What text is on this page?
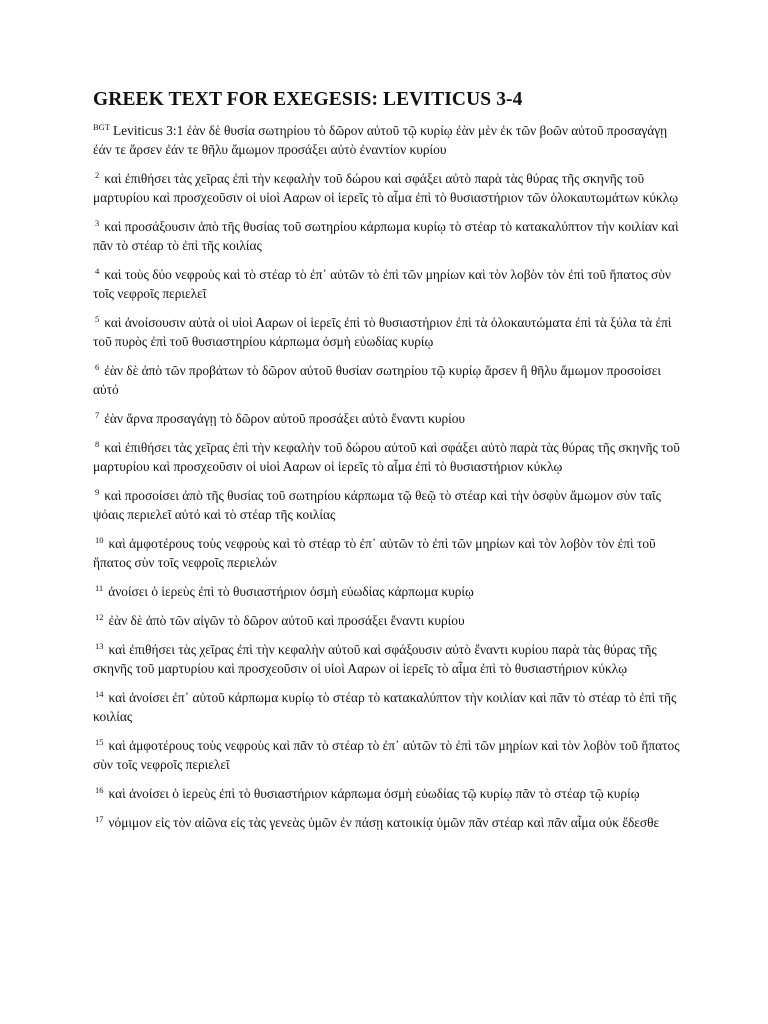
GREEK TEXT FOR EXEGESIS: LEVITICUS 3-4

$^{BGT}$ Leviticus 3:1 ἐὰν δὲ θυσία σωτηρίου τὸ δῶρον αὐτοῦ τῷ κυρίῳ ἐὰν μὲν ἐκ τῶν βοῶν αὐτοῦ προσαγάγῃ ἐάν τε ἄρσεν ἐάν τε θῆλυ ἄμωμον προσάξει αὐτὸ ἐναντίον κυρίου

$^2$ καὶ ἐπιθήσει τὰς χεῖρας ἐπὶ τὴν κεφαλὴν τοῦ δώρου καὶ σφάξει αὐτὸ παρὰ τὰς θύρας τῆς σκηνῆς τοῦ μαρτυρίου καὶ προσχεοῦσιν οἱ υἱοὶ Ααρων οἱ ἱερεῖς τὸ αἷμα ἐπὶ τὸ θυσιαστήριον τῶν ὁλοκαυτωμάτων κύκλῳ

$^3$ καὶ προσάξουσιν ἀπὸ τῆς θυσίας τοῦ σωτηρίου κάρπωμα κυρίῳ τὸ στέαρ τὸ κατακαλύπτον τὴν κοιλίαν καὶ πᾶν τὸ στέαρ τὸ ἐπὶ τῆς κοιλίας

$^4$ καὶ τοὺς δύο νεφροὺς καὶ τὸ στέαρ τὸ ἐπ᾽ αὐτῶν τὸ ἐπὶ τῶν μηρίων καὶ τὸν λοβὸν τὸν ἐπὶ τοῦ ἥπατος σὺν τοῖς νεφροῖς περιελεῖ

$^5$ καὶ ἀνοίσουσιν αὐτὰ οἱ υἱοὶ Ααρων οἱ ἱερεῖς ἐπὶ τὸ θυσιαστήριον ἐπὶ τὰ ὁλοκαυτώματα ἐπὶ τὰ ξύλα τὰ ἐπὶ τοῦ πυρὸς ἐπὶ τοῦ θυσιαστηρίου κάρπωμα ὀσμὴ εὐωδίας κυρίῳ

$^6$ ἐὰν δὲ ἀπὸ τῶν προβάτων τὸ δῶρον αὐτοῦ θυσίαν σωτηρίου τῷ κυρίῳ ἄρσεν ἢ θῆλυ ἄμωμον προσοίσει αὐτό

$^7$ ἐὰν ἄρνα προσαγάγῃ τὸ δῶρον αὐτοῦ προσάξει αὐτὸ ἔναντι κυρίου

$^8$ καὶ ἐπιθήσει τὰς χεῖρας ἐπὶ τὴν κεφαλὴν τοῦ δώρου αὐτοῦ καὶ σφάξει αὐτὸ παρὰ τὰς θύρας τῆς σκηνῆς τοῦ μαρτυρίου καὶ προσχεοῦσιν οἱ υἱοὶ Ααρων οἱ ἱερεῖς τὸ αἷμα ἐπὶ τὸ θυσιαστήριον κύκλῳ

$^9$ καὶ προσοίσει ἀπὸ τῆς θυσίας τοῦ σωτηρίου κάρπωμα τῷ θεῷ τὸ στέαρ καὶ τὴν ὀσφὺν ἄμωμον σὺν ταῖς ψόαις περιελεῖ αὐτό καὶ τὸ στέαρ τῆς κοιλίας

$^{10}$ καὶ ἀμφοτέρους τοὺς νεφροὺς καὶ τὸ στέαρ τὸ ἐπ᾽ αὐτῶν τὸ ἐπὶ τῶν μηρίων καὶ τὸν λοβὸν τὸν ἐπὶ τοῦ ἥπατος σὺν τοῖς νεφροῖς περιελών

$^{11}$ ἀνοίσει ὁ ἱερεὺς ἐπὶ τὸ θυσιαστήριον ὀσμὴ εὐωδίας κάρπωμα κυρίῳ

$^{12}$ ἐὰν δὲ ἀπὸ τῶν αἰγῶν τὸ δῶρον αὐτοῦ καὶ προσάξει ἔναντι κυρίου

$^{13}$ καὶ ἐπιθήσει τὰς χεῖρας ἐπὶ τὴν κεφαλὴν αὐτοῦ καὶ σφάξουσιν αὐτὸ ἔναντι κυρίου παρὰ τὰς θύρας τῆς σκηνῆς τοῦ μαρτυρίου καὶ προσχεοῦσιν οἱ υἱοὶ Ααρων οἱ ἱερεῖς τὸ αἷμα ἐπὶ τὸ θυσιαστήριον κύκλῳ

$^{14}$ καὶ ἀνοίσει ἐπ᾽ αὐτοῦ κάρπωμα κυρίῳ τὸ στέαρ τὸ κατακαλύπτον τὴν κοιλίαν καὶ πᾶν τὸ στέαρ τὸ ἐπὶ τῆς κοιλίας

$^{15}$ καὶ ἀμφοτέρους τοὺς νεφροὺς καὶ πᾶν τὸ στέαρ τὸ ἐπ᾽ αὐτῶν τὸ ἐπὶ τῶν μηρίων καὶ τὸν λοβὸν τοῦ ἥπατος σὺν τοῖς νεφροῖς περιελεῖ

$^{16}$ καὶ ἀνοίσει ὁ ἱερεὺς ἐπὶ τὸ θυσιαστήριον κάρπωμα ὀσμὴ εὐωδίας τῷ κυρίῳ πᾶν τὸ στέαρ τῷ κυρίῳ

$^{17}$ νόμιμον εἰς τὸν αἰῶνα εἰς τὰς γενεὰς ὑμῶν ἐν πάσῃ κατοικίᾳ ὑμῶν πᾶν στέαρ καὶ πᾶν αἷμα οὐκ ἔδεσθε
